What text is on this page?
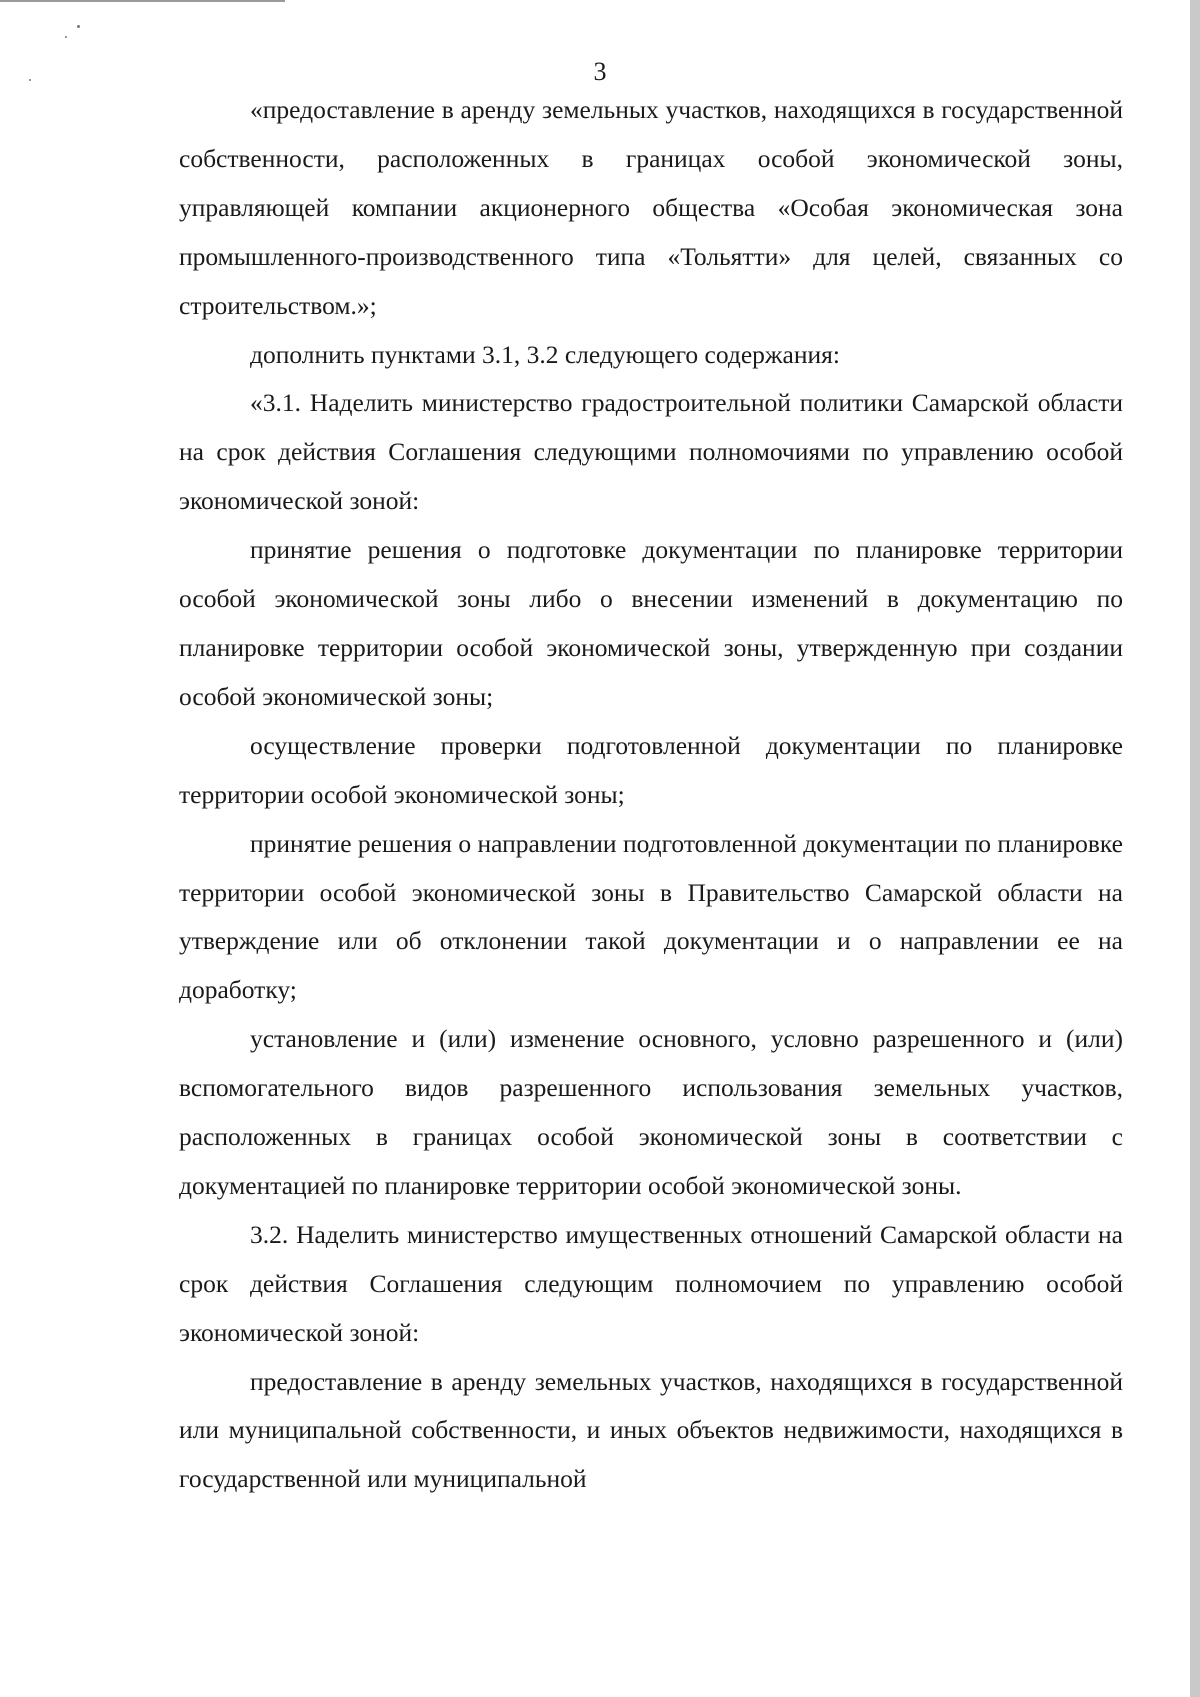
3

«предоставление в аренду земельных участков, находящихся в государственной собственности, расположенных в границах особой экономической зоны, управляющей компании акционерного общества «Особая экономическая зона промышленного-производственного типа «Тольятти» для целей, связанных со строительством.»;

дополнить пунктами 3.1, 3.2 следующего содержания:

«3.1. Наделить министерство градостроительной политики Самарской области на срок действия Соглашения следующими полномочиями по управлению особой экономической зоной:

принятие решения о подготовке документации по планировке территории особой экономической зоны либо о внесении изменений в документацию по планировке территории особой экономической зоны, утвержденную при создании особой экономической зоны;

осуществление проверки подготовленной документации по планировке территории особой экономической зоны;

принятие решения о направлении подготовленной документации по планировке территории особой экономической зоны в Правительство Самарской области на утверждение или об отклонении такой документации и о направлении ее на доработку;

установление и (или) изменение основного, условно разрешенного и (или) вспомогательного видов разрешенного использования земельных участков, расположенных в границах особой экономической зоны в соответствии с документацией по планировке территории особой экономической зоны.

3.2. Наделить министерство имущественных отношений Самарской области на срок действия Соглашения следующим полномочием по управлению особой экономической зоной:

предоставление в аренду земельных участков, находящихся в государственной или муниципальной собственности, и иных объектов недвижимости, находящихся в государственной или муниципальной
